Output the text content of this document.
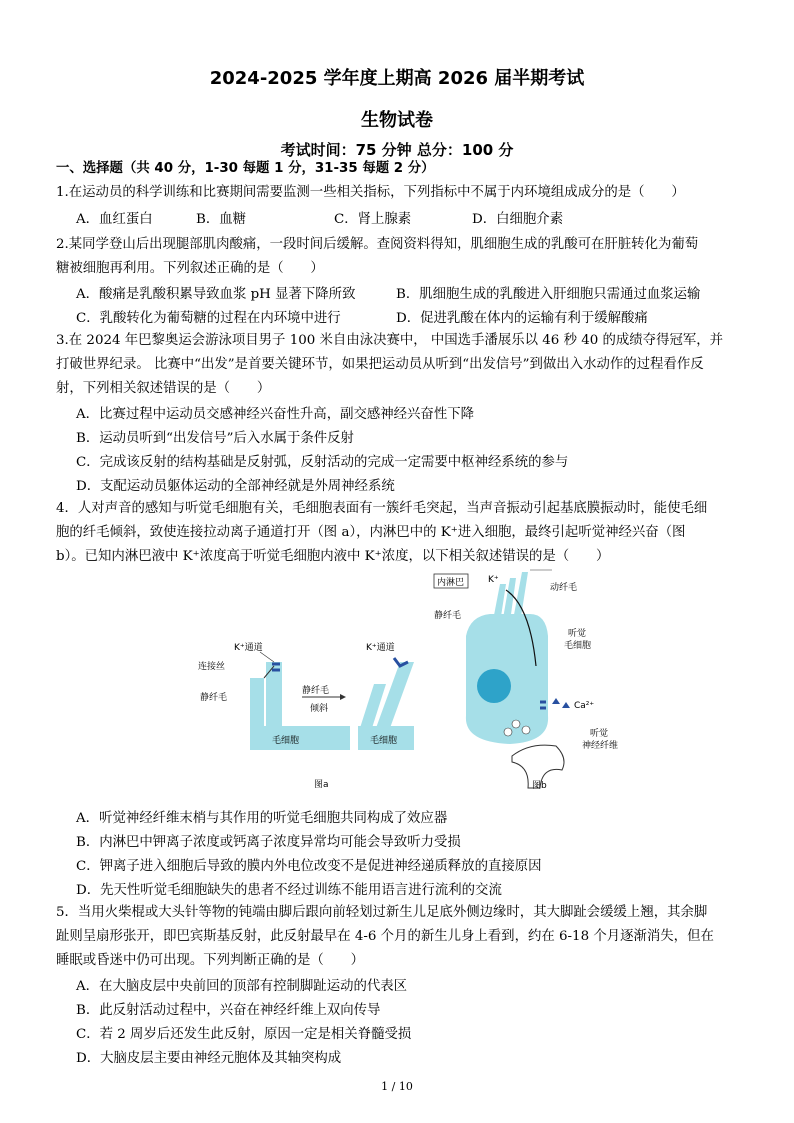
2024-2025 学年度上期高 2026 届半期考试
生物试卷
考试时间：75 分钟 总分：100 分
一、选择题（共 40 分，1-30 每题 1 分，31-35 每题 2 分）
1.在运动员的科学训练和比赛期间需要监测一些相关指标，下列指标中不属于内环境组成成分的是（　　）
A．血红蛋白	B．血糖	C．肾上腺素	D．白细胞介素
2.某同学登山后出现腿部肌肉酸痛，一段时间后缓解。查阅资料得知，肌细胞生成的乳酸可在肝脏转化为葡萄
糖被细胞再利用。下列叙述正确的是（　　）
A．酸痛是乳酸积累导致血浆 pH 显著下降所致	B．肌细胞生成的乳酸进入肝细胞只需通过血浆运输
C．乳酸转化为葡萄糖的过程在内环境中进行	D．促进乳酸在体内的运输有利于缓解酸痛
3.在 2024 年巴黎奥运会游泳项目男子 100 米自由泳决赛中， 中国选手潘展乐以 46 秒 40 的成绩夺得冠军，并
打破世界纪录。 比赛中“出发”是首要关键环节，如果把运动员从听到“出发信号”到做出入水动作的过程看作反
射，下列相关叙述错误的是（　　）
A．比赛过程中运动员交感神经兴奋性升高，副交感神经兴奋性下降
B．运动员听到“出发信号”后入水属于条件反射
C．完成该反射的结构基础是反射弧，反射活动的完成一定需要中枢神经系统的参与
D．支配运动员躯体运动的全部神经就是外周神经系统
4．人对声音的感知与听觉毛细胞有关，毛细胞表面有一簇纤毛突起，当声音振动引起基底膜振动时，能使毛细
胞的纤毛倾斜，致使连接拉动离子通道打开（图 a），内淋巴中的 K⁺进入细胞，最终引起听觉神经兴奋（图
b）。已知内淋巴液中 K⁺浓度高于听觉毛细胞内液中 K⁺浓度，以下相关叙述错误的是（　　）
K⁺通道
连接丝
静纤毛
毛细胞
静纤毛
倾斜
K⁺通道
毛细胞
图a
内淋巴	K⁺
动纤毛
静纤毛
听觉
毛细胞
Ca²⁺
听觉
神经纤维
图b
A．听觉神经纤维末梢与其作用的听觉毛细胞共同构成了效应器
B．内淋巴中钾离子浓度或钙离子浓度异常均可能会导致听力受损
C．钾离子进入细胞后导致的膜内外电位改变不是促进神经递质释放的直接原因
D．先天性听觉毛细胞缺失的患者不经过训练不能用语言进行流利的交流
5．当用火柴棍或大头针等物的钝端由脚后跟向前轻划过新生儿足底外侧边缘时，其大脚趾会缓缓上翘，其余脚
趾则呈扇形张开，即巴宾斯基反射，此反射最早在 4-6 个月的新生儿身上看到，约在 6-18 个月逐渐消失，但在
睡眠或昏迷中仍可出现。下列判断正确的是（　　）
A．在大脑皮层中央前回的顶部有控制脚趾运动的代表区
B．此反射活动过程中，兴奋在神经纤维上双向传导
C．若 2 周岁后还发生此反射，原因一定是相关脊髓受损
D．大脑皮层主要由神经元胞体及其轴突构成
1 / 10
